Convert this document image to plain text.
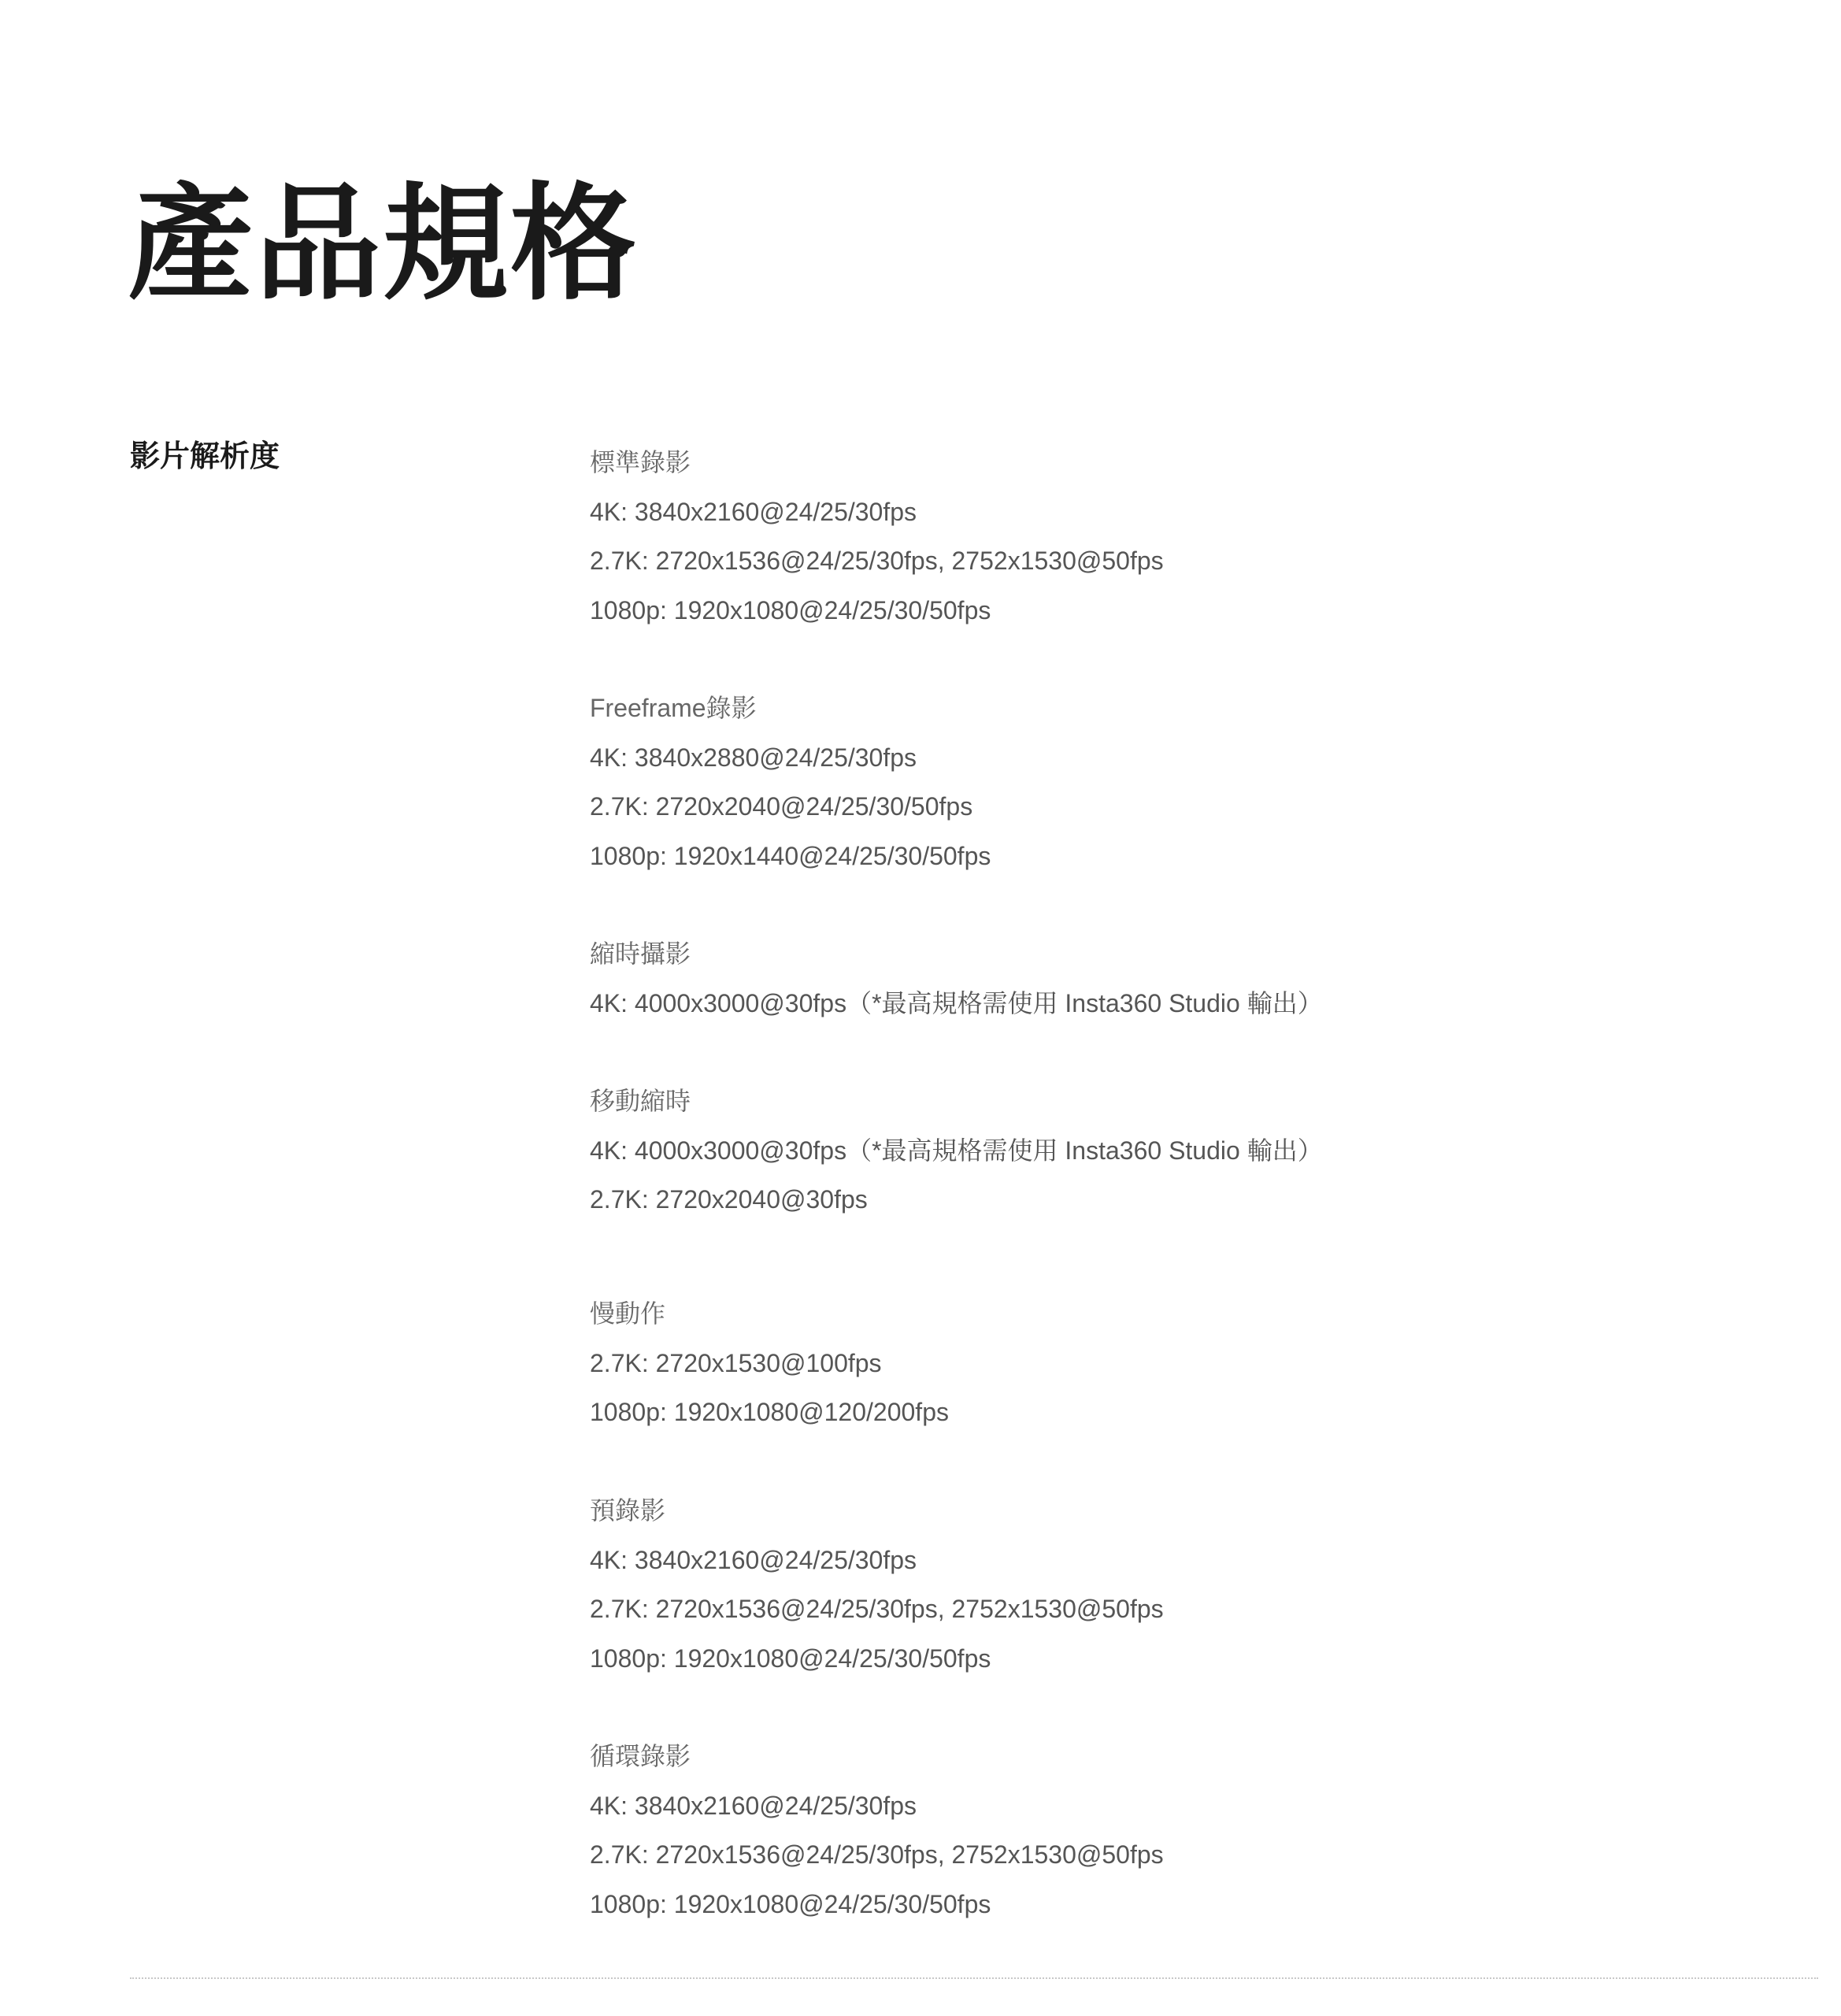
產品規格
影片解析度	標準錄影
4K: 3840x2160@24/25/30fps
2.7K: 2720x1536@24/25/30fps, 2752x1530@50fps
1080p: 1920x1080@24/25/30/50fps
Freeframe錄影
4K: 3840x2880@24/25/30fps
2.7K: 2720x2040@24/25/30/50fps
1080p: 1920x1440@24/25/30/50fps
縮時攝影
4K: 4000x3000@30fps（*最高規格需使用 Insta360 Studio 輸出）
移動縮時
4K: 4000x3000@30fps（*最高規格需使用 Insta360 Studio 輸出）
2.7K: 2720x2040@30fps
慢動作
2.7K: 2720x1530@100fps
1080p: 1920x1080@120/200fps
預錄影
4K: 3840x2160@24/25/30fps
2.7K: 2720x1536@24/25/30fps, 2752x1530@50fps
1080p: 1920x1080@24/25/30/50fps
循環錄影
4K: 3840x2160@24/25/30fps
2.7K: 2720x1536@24/25/30fps, 2752x1530@50fps
1080p: 1920x1080@24/25/30/50fps
